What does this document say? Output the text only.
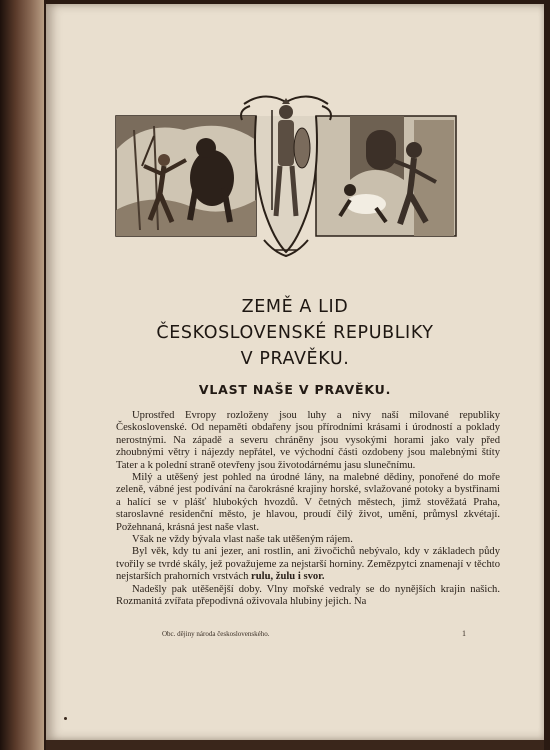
ZEMĚ A LID
ČESKOSLOVENSKÉ REPUBLIKY
V PRAVĚKU.
VLAST NAŠE V PRAVĚKU.

Uprostřed Evropy rozloženy jsou luhy a nivy naší milované republiky Československé. Od nepaměti obdařeny jsou přírodními krásami i úrodností a poklady nerostnými. Na západě a severu chráněny jsou vysokými horami jako valy před zhoubnými větry i nájezdy nepřátel, ve východní části ozdobeny jsou malebnými štíty Tater a k polední straně otevřeny jsou životodárnému jasu slunečnímu.

Milý a utěšený jest pohled na úrodné lány, na malebné dědiny, ponořené do moře zeleně, vábné jest podívání na čarokrásné krajiny horské, svlažované potoky a bystřinami a halící se v plášť hlubokých hvozdů. V četných městech, jimž stověžatá Praha, staroslavné residenční město, je hlavou, proudí čilý život, umění, průmysl zkvétají. Požehnaná, krásná jest naše vlast.

Však ne vždy bývala vlast naše tak utěšeným rájem.

Byl věk, kdy tu ani jezer, ani rostlin, ani živočichů nebývalo, kdy v základech půdy tvořily se tvrdé skály, jež považujeme za nejstarší horniny. Zemězpytci znamenají v těchto nejstarších prahorních vrstvách rulu, žulu i svor.

Nadešly pak utěšenější doby. Vlny mořské vedraly se do nynějších krajin našich. Rozmanitá zvířata přepodivná oživovala hlubiny jejich. Na

Obc. dějiny národa československého.	1
